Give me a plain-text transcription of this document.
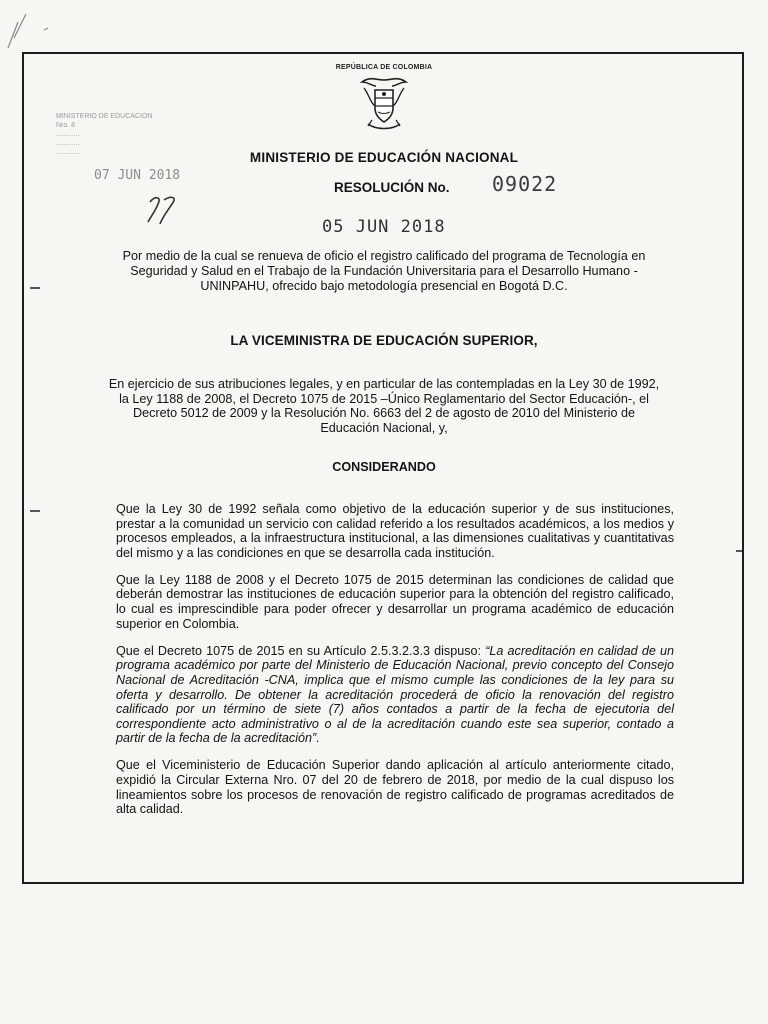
REPÚBLICA DE COLOMBIA
MINISTERIO DE EDUCACIÓN
Nro. 8
............
............
............
07 JUN 2018
MINISTERIO DE EDUCACIÓN NACIONAL
RESOLUCIÓN No. 09022
05 JUN 2018
Por medio de la cual se renueva de oficio el registro calificado del programa de Tecnología en Seguridad y Salud en el Trabajo de la Fundación Universitaria para el Desarrollo Humano - UNINPAHU, ofrecido bajo metodología presencial en Bogotá D.C.
LA VICEMINISTRA DE EDUCACIÓN SUPERIOR,
En ejercicio de sus atribuciones legales, y en particular de las contempladas en la Ley 30 de 1992, la Ley 1188 de 2008, el Decreto 1075 de 2015 –Único Reglamentario del Sector Educación-, el Decreto 5012 de 2009 y la Resolución No. 6663 del 2 de agosto de 2010 del Ministerio de Educación Nacional, y,
CONSIDERANDO

Que la Ley 30 de 1992 señala como objetivo de la educación superior y de sus instituciones, prestar a la comunidad un servicio con calidad referido a los resultados académicos, a los medios y procesos empleados, a la infraestructura institucional, a las dimensiones cualitativas y cuantitativas del mismo y a las condiciones en que se desarrolla cada institución.

Que la Ley 1188 de 2008 y el Decreto 1075 de 2015 determinan las condiciones de calidad que deberán demostrar las instituciones de educación superior para la obtención del registro calificado, lo cual es imprescindible para poder ofrecer y desarrollar un programa académico de educación superior en Colombia.

Que el Decreto 1075 de 2015 en su Artículo 2.5.3.2.3.3 dispuso: “La acreditación en calidad de un programa académico por parte del Ministerio de Educación Nacional, previo concepto del Consejo Nacional de Acreditación -CNA, implica que el mismo cumple las condiciones de la ley para su oferta y desarrollo. De obtener la acreditación procederá de oficio la renovación del registro calificado por un término de siete (7) años contados a partir de la fecha de ejecutoria del correspondiente acto administrativo o al de la acreditación cuando este sea superior, contado a partir de la fecha de la acreditación”.

Que el Viceministerio de Educación Superior dando aplicación al artículo anteriormente citado, expidió la Circular Externa Nro. 07 del 20 de febrero de 2018, por medio de la cual dispuso los lineamientos sobre los procesos de renovación de registro calificado de programas acreditados de alta calidad.
